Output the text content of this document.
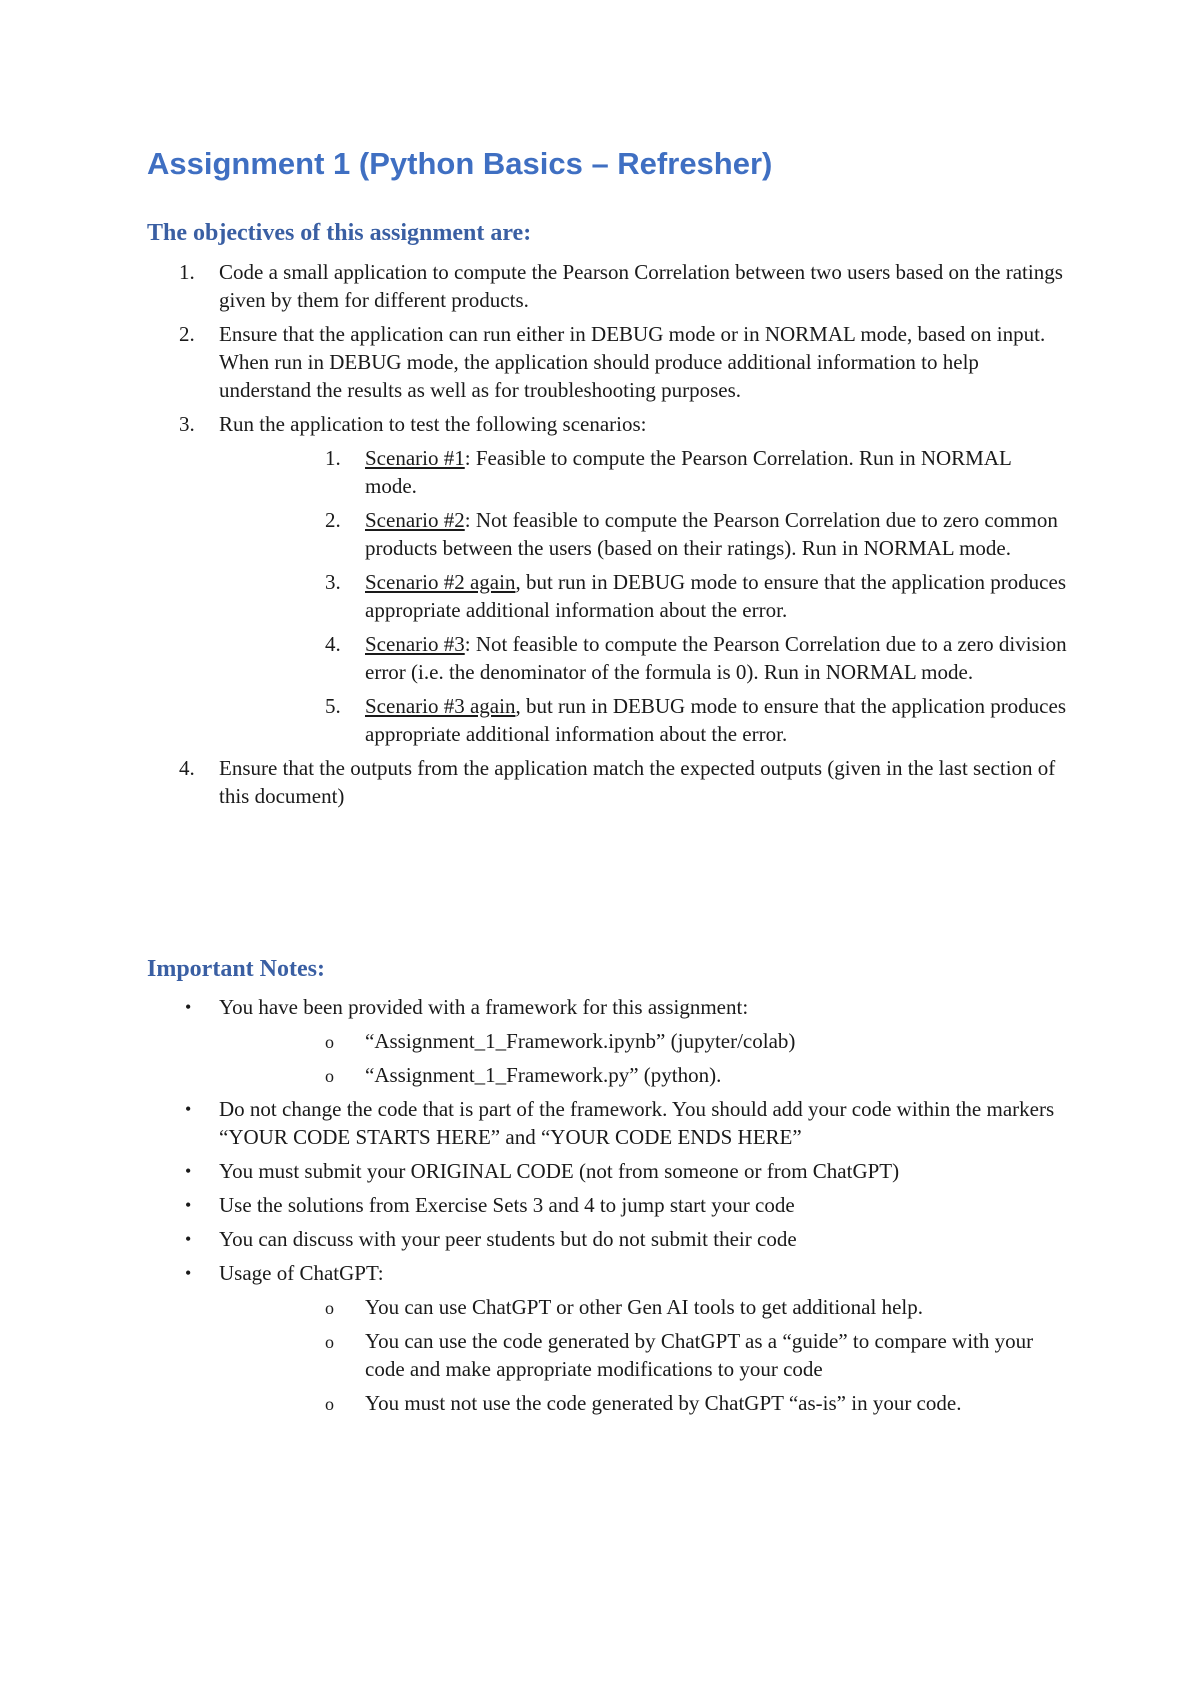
Assignment 1 (Python Basics – Refresher)
The objectives of this assignment are:
1. Code a small application to compute the Pearson Correlation between two users based on the ratings given by them for different products.
2. Ensure that the application can run either in DEBUG mode or in NORMAL mode, based on input. When run in DEBUG mode, the application should produce additional information to help understand the results as well as for troubleshooting purposes.
3. Run the application to test the following scenarios:
1. Scenario #1: Feasible to compute the Pearson Correlation. Run in NORMAL mode.
2. Scenario #2: Not feasible to compute the Pearson Correlation due to zero common products between the users (based on their ratings). Run in NORMAL mode.
3. Scenario #2 again, but run in DEBUG mode to ensure that the application produces appropriate additional information about the error.
4. Scenario #3: Not feasible to compute the Pearson Correlation due to a zero division error (i.e. the denominator of the formula is 0). Run in NORMAL mode.
5. Scenario #3 again, but run in DEBUG mode to ensure that the application produces appropriate additional information about the error.
4. Ensure that the outputs from the application match the expected outputs (given in the last section of this document)
Important Notes:
• You have been provided with a framework for this assignment:
o “Assignment_1_Framework.ipynb” (jupyter/colab)
o “Assignment_1_Framework.py” (python).
• Do not change the code that is part of the framework. You should add your code within the markers “YOUR CODE STARTS HERE” and “YOUR CODE ENDS HERE”
• You must submit your ORIGINAL CODE (not from someone or from ChatGPT)
• Use the solutions from Exercise Sets 3 and 4 to jump start your code
• You can discuss with your peer students but do not submit their code
• Usage of ChatGPT:
o You can use ChatGPT or other Gen AI tools to get additional help.
o You can use the code generated by ChatGPT as a “guide” to compare with your code and make appropriate modifications to your code
o You must not use the code generated by ChatGPT “as-is” in your code.
